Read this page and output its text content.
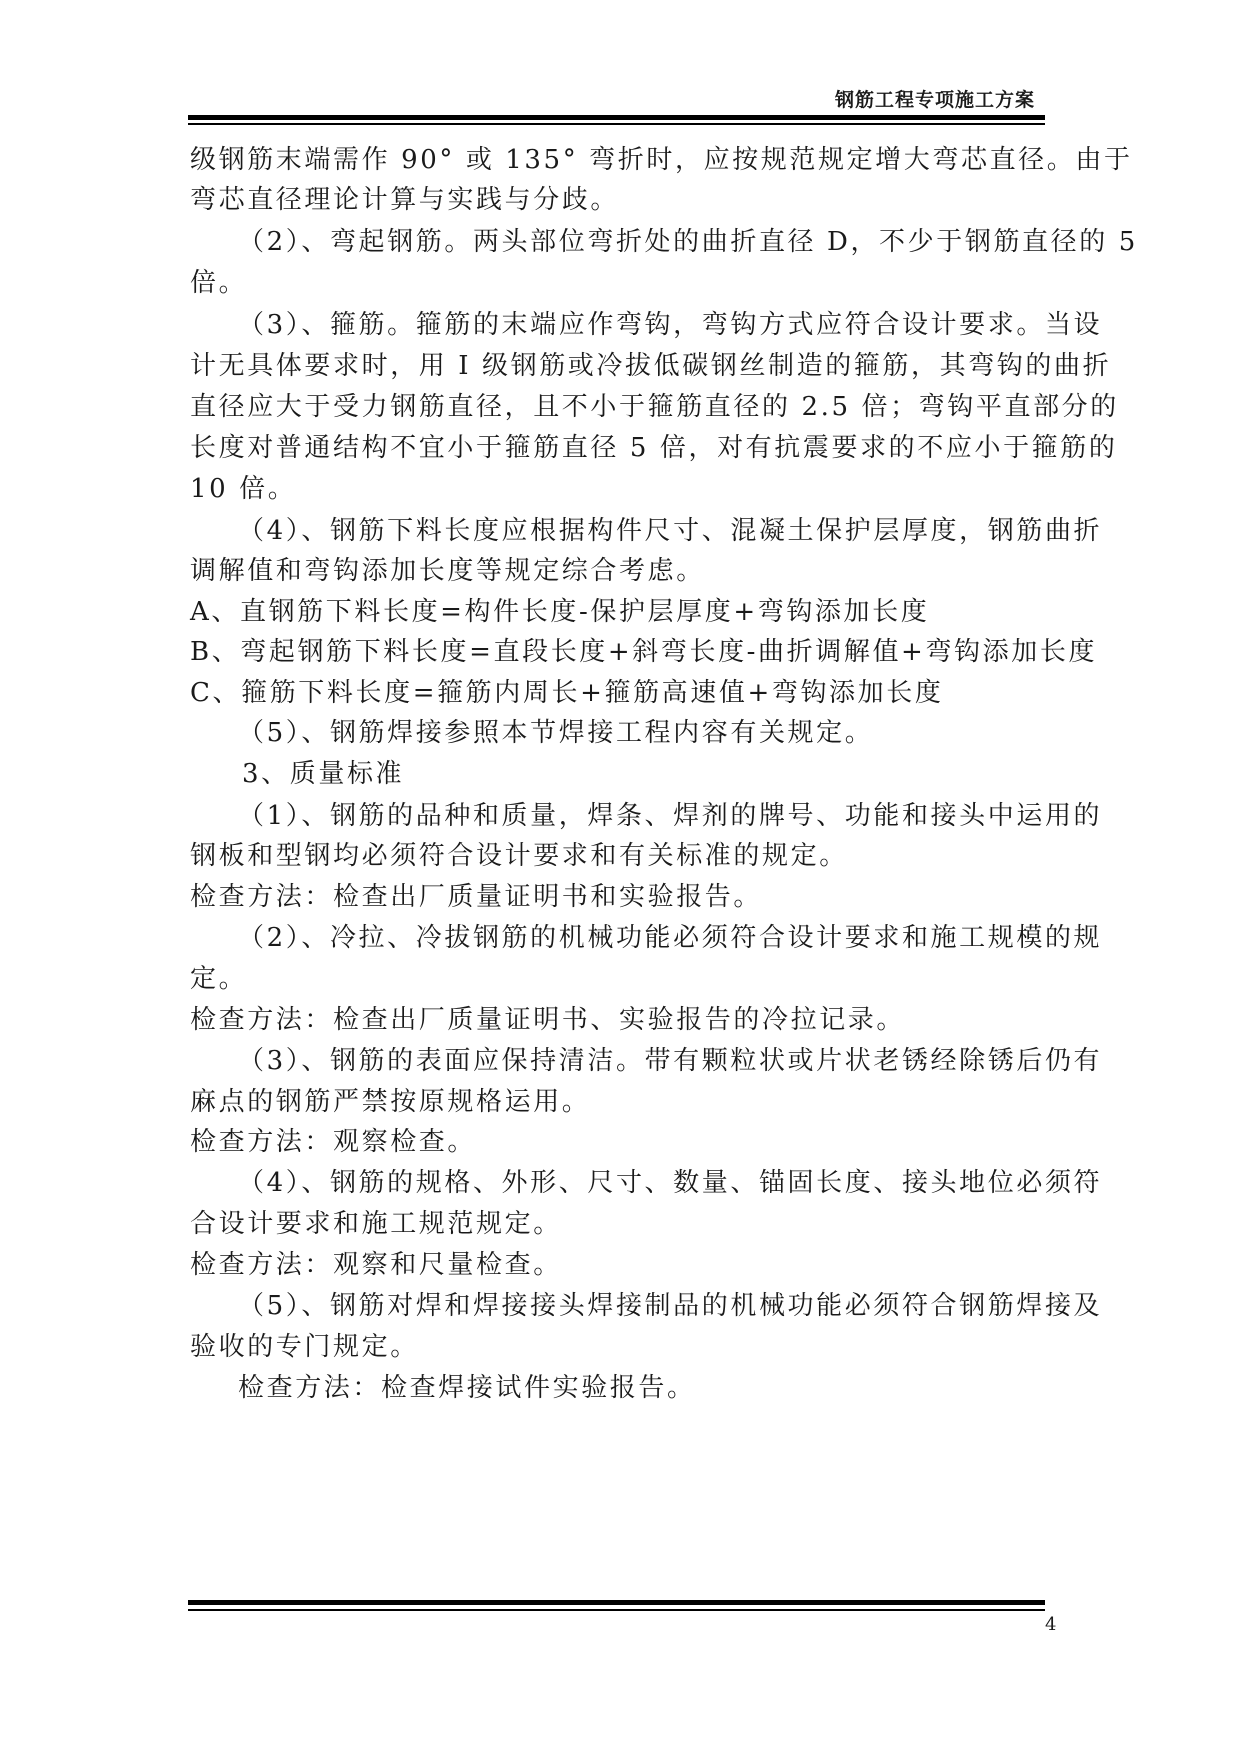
钢筋工程专项施工方案
级钢筋末端需作 90° 或 135° 弯折时，应按规范规定增大弯芯直径。由于
弯芯直径理论计算与实践与分歧。
（2）、弯起钢筋。两头部位弯折处的曲折直径 D，不少于钢筋直径的 5
倍。
（3）、箍筋。箍筋的末端应作弯钩，弯钩方式应符合设计要求。当设
计无具体要求时，用 I 级钢筋或冷拔低碳钢丝制造的箍筋，其弯钩的曲折
直径应大于受力钢筋直径，且不小于箍筋直径的 2.5 倍；弯钩平直部分的
长度对普通结构不宜小于箍筋直径 5 倍，对有抗震要求的不应小于箍筋的
10 倍。
（4）、钢筋下料长度应根据构件尺寸、混凝土保护层厚度，钢筋曲折
调解值和弯钩添加长度等规定综合考虑。
A、直钢筋下料长度=构件长度-保护层厚度+弯钩添加长度
B、弯起钢筋下料长度=直段长度+斜弯长度-曲折调解值+弯钩添加长度
C、箍筋下料长度=箍筋内周长+箍筋高速值+弯钩添加长度
（5）、钢筋焊接参照本节焊接工程内容有关规定。
3、质量标准
（1）、钢筋的品种和质量，焊条、焊剂的牌号、功能和接头中运用的
钢板和型钢均必须符合设计要求和有关标准的规定。
检查方法：检查出厂质量证明书和实验报告。
（2）、冷拉、冷拔钢筋的机械功能必须符合设计要求和施工规模的规
定。
检查方法：检查出厂质量证明书、实验报告的冷拉记录。
（3）、钢筋的表面应保持清洁。带有颗粒状或片状老锈经除锈后仍有
麻点的钢筋严禁按原规格运用。
检查方法：观察检查。
（4）、钢筋的规格、外形、尺寸、数量、锚固长度、接头地位必须符
合设计要求和施工规范规定。
检查方法：观察和尺量检查。
（5）、钢筋对焊和焊接接头焊接制品的机械功能必须符合钢筋焊接及
验收的专门规定。
检查方法：检查焊接试件实验报告。
4
